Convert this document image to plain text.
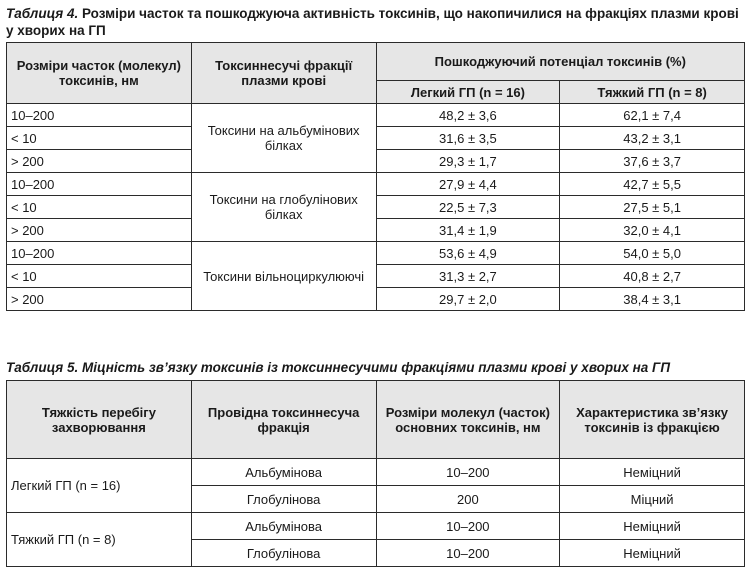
Таблиця 4. Розміри часток та пошкоджуюча активність токсинів, що накопичилися на фракціях плазми крові у хворих на ГП
Розміри часток (молекул) токсинів, нм	Токсиннесучі фракції плазми крові	Пошкоджуючий потенціал токсинів (%)	
		Легкий ГП (n = 16)	Тяжкий ГП (n = 8)
10–200	Токсини на альбумінових білках	48,2 ± 3,6	62,1 ± 7,4
< 10		31,6 ± 3,5	43,2 ± 3,1
> 200		29,3 ± 1,7	37,6 ± 3,7
10–200	Токсини на глобулінових білках	27,9 ± 4,4	42,7 ± 5,5
< 10		22,5 ± 7,3	27,5 ± 5,1
> 200		31,4 ± 1,9	32,0 ± 4,1
10–200	Токсини вільноциркулюючі	53,6 ± 4,9	54,0 ± 5,0
< 10		31,3 ± 2,7	40,8 ± 2,7
> 200		29,7 ± 2,0	38,4 ± 3,1
Таблиця 5. Міцність зв’язку токсинів із токсиннесучими фракціями плазми крові у хворих на ГП
Тяжкість перебігу захворювання	Провідна токсиннесуча фракція	Розміри молекул (часток) основних токсинів, нм	Характеристика зв’язку токсинів із фракцією
Легкий ГП (n = 16)	Альбумінова	10–200	Неміцний
	Глобулінова	200	Міцний
Тяжкий ГП (n = 8)	Альбумінова	10–200	Неміцний
	Глобулінова	10–200	Неміцний
